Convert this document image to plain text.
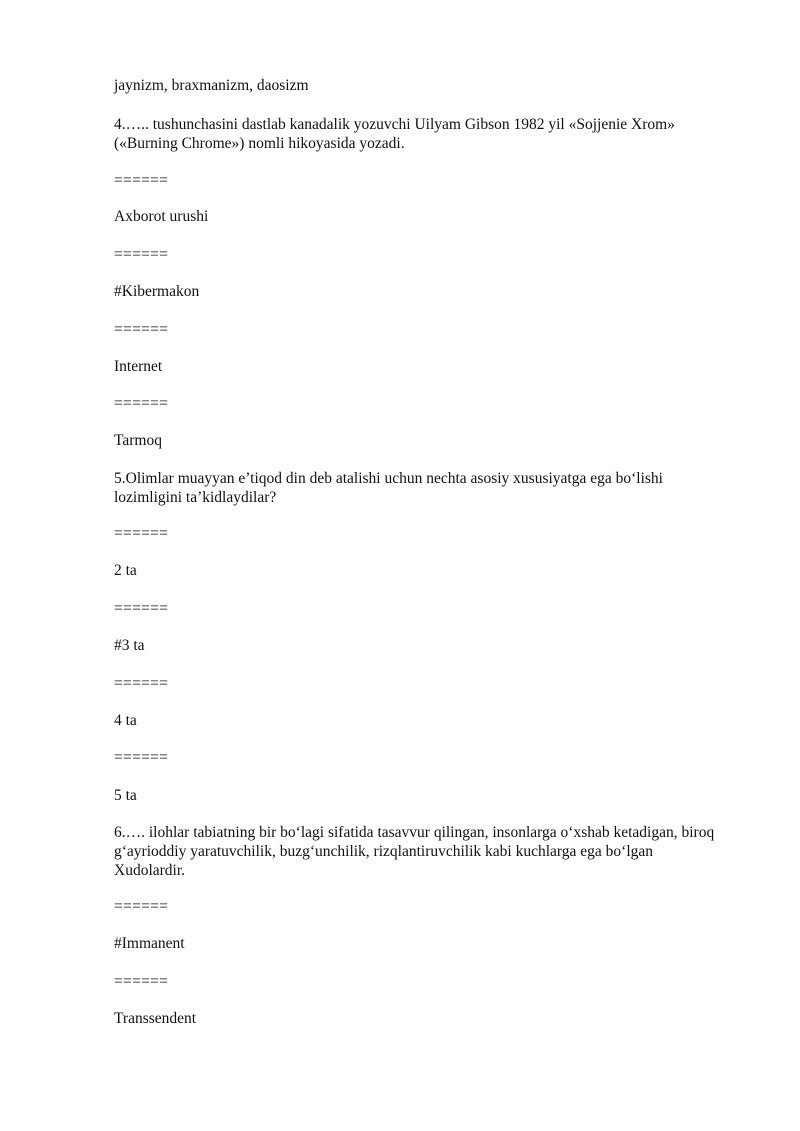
jaynizm, braxmanizm, daosizm
4.….. tushunchasini dastlab kanadalik yozuvchi Uilyam Gibson 1982 yil «Sojjenie Xrom»
(«Burning Chrome») nomli hikoyasida yozadi.
======
Axborot urushi
======
#Kibermakon
======
Internet
======
Tarmoq
5.Olimlar muayyan e’tiqod din deb atalishi uchun nechta asosiy xususiyatga ega bo‘lishi
lozimligini ta’kidlaydilar?
======
2 ta
======
#3 ta
======
4 ta
======
5 ta
6.…. ilohlar tabiatning bir bo‘lagi sifatida tasavvur qilingan, insonlarga o‘xshab ketadigan, biroq
g‘ayrioddiy yaratuvchilik, buzg‘unchilik, rizqlantiruvchilik kabi kuchlarga ega bo‘lgan
Xudolardir.
======
#Immanent
======
Transsendent
